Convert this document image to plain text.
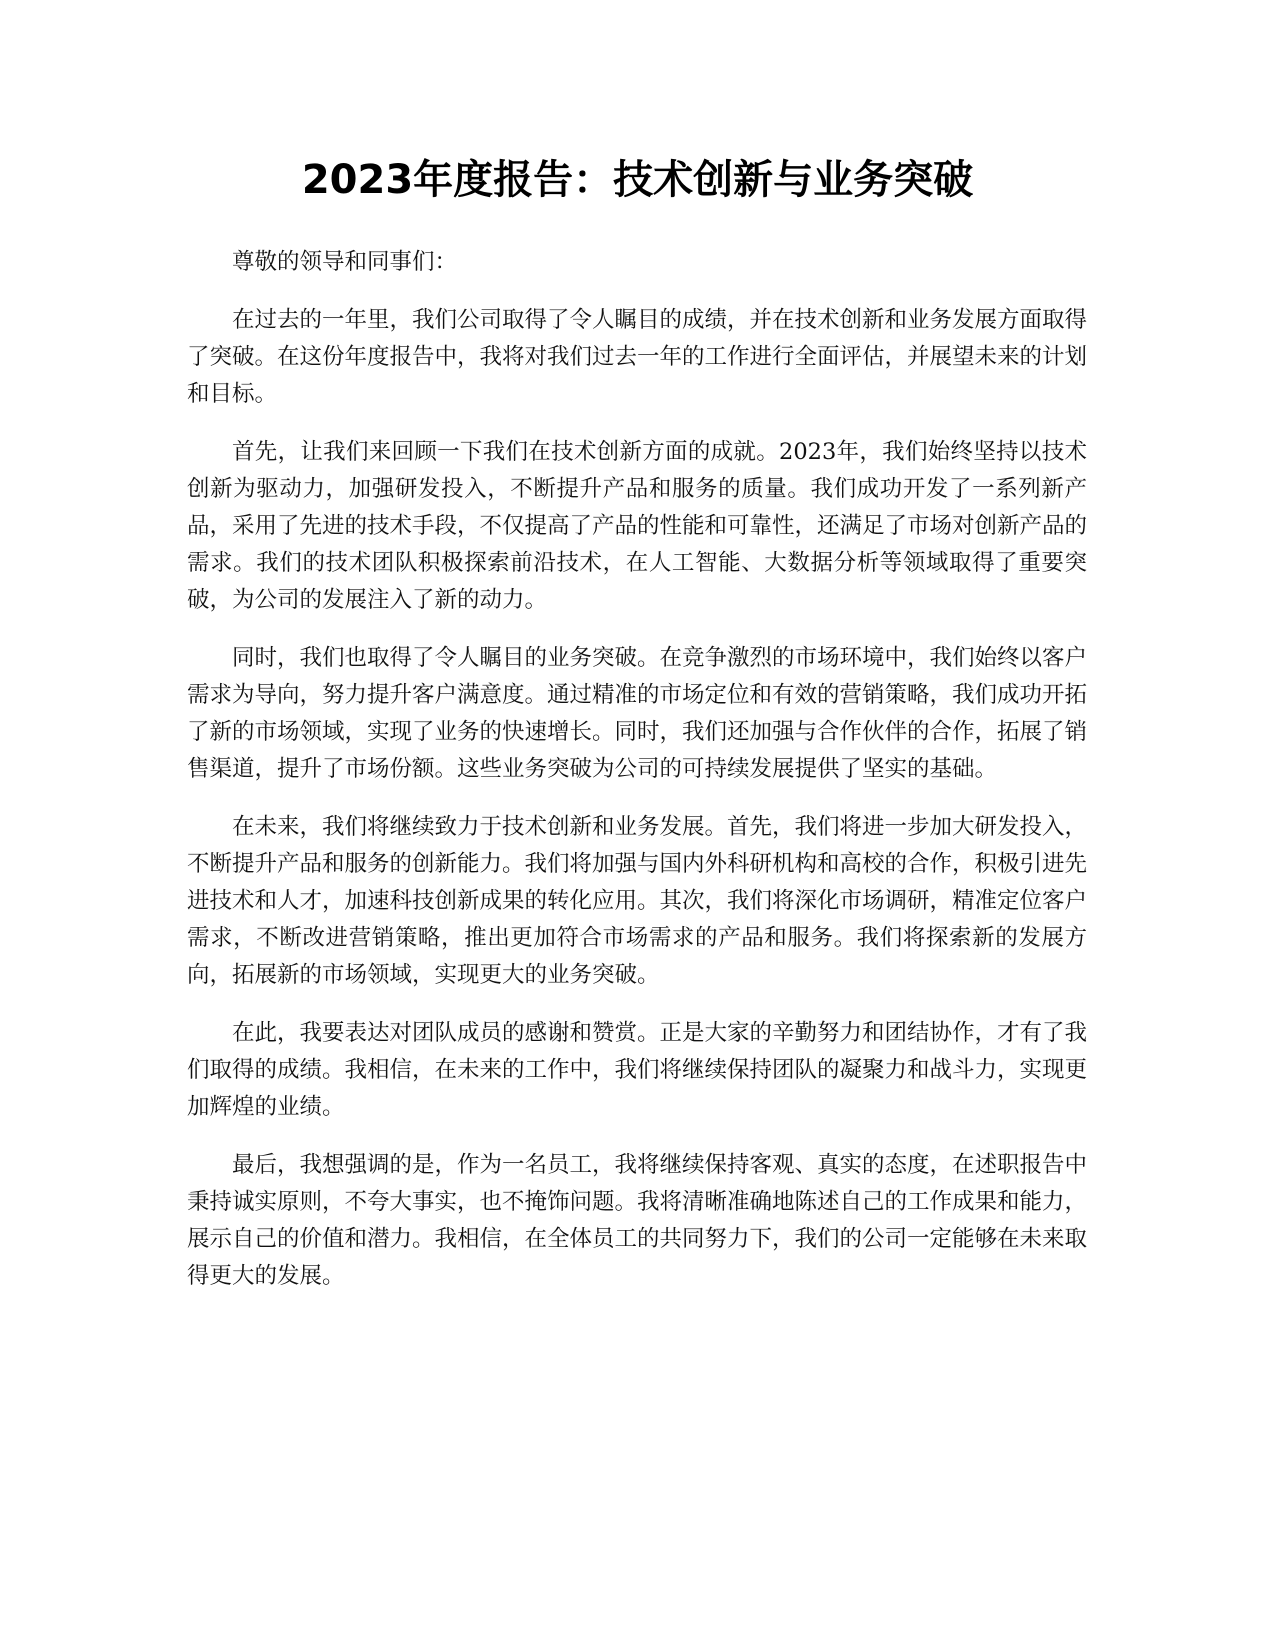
2023年度报告：技术创新与业务突破

尊敬的领导和同事们：

在过去的一年里，我们公司取得了令人瞩目的成绩，并在技术创新和业务发展方面取得了突破。在这份年度报告中，我将对我们过去一年的工作进行全面评估，并展望未来的计划和目标。

首先，让我们来回顾一下我们在技术创新方面的成就。2023年，我们始终坚持以技术创新为驱动力，加强研发投入，不断提升产品和服务的质量。我们成功开发了一系列新产品，采用了先进的技术手段，不仅提高了产品的性能和可靠性，还满足了市场对创新产品的需求。我们的技术团队积极探索前沿技术，在人工智能、大数据分析等领域取得了重要突破，为公司的发展注入了新的动力。

同时，我们也取得了令人瞩目的业务突破。在竞争激烈的市场环境中，我们始终以客户需求为导向，努力提升客户满意度。通过精准的市场定位和有效的营销策略，我们成功开拓了新的市场领域，实现了业务的快速增长。同时，我们还加强与合作伙伴的合作，拓展了销售渠道，提升了市场份额。这些业务突破为公司的可持续发展提供了坚实的基础。

在未来，我们将继续致力于技术创新和业务发展。首先，我们将进一步加大研发投入，不断提升产品和服务的创新能力。我们将加强与国内外科研机构和高校的合作，积极引进先进技术和人才，加速科技创新成果的转化应用。其次，我们将深化市场调研，精准定位客户需求，不断改进营销策略，推出更加符合市场需求的产品和服务。我们将探索新的发展方向，拓展新的市场领域，实现更大的业务突破。

在此，我要表达对团队成员的感谢和赞赏。正是大家的辛勤努力和团结协作，才有了我们取得的成绩。我相信，在未来的工作中，我们将继续保持团队的凝聚力和战斗力，实现更加辉煌的业绩。

最后，我想强调的是，作为一名员工，我将继续保持客观、真实的态度，在述职报告中秉持诚实原则，不夸大事实，也不掩饰问题。我将清晰准确地陈述自己的工作成果和能力，展示自己的价值和潜力。我相信，在全体员工的共同努力下，我们的公司一定能够在未来取得更大的发展。
